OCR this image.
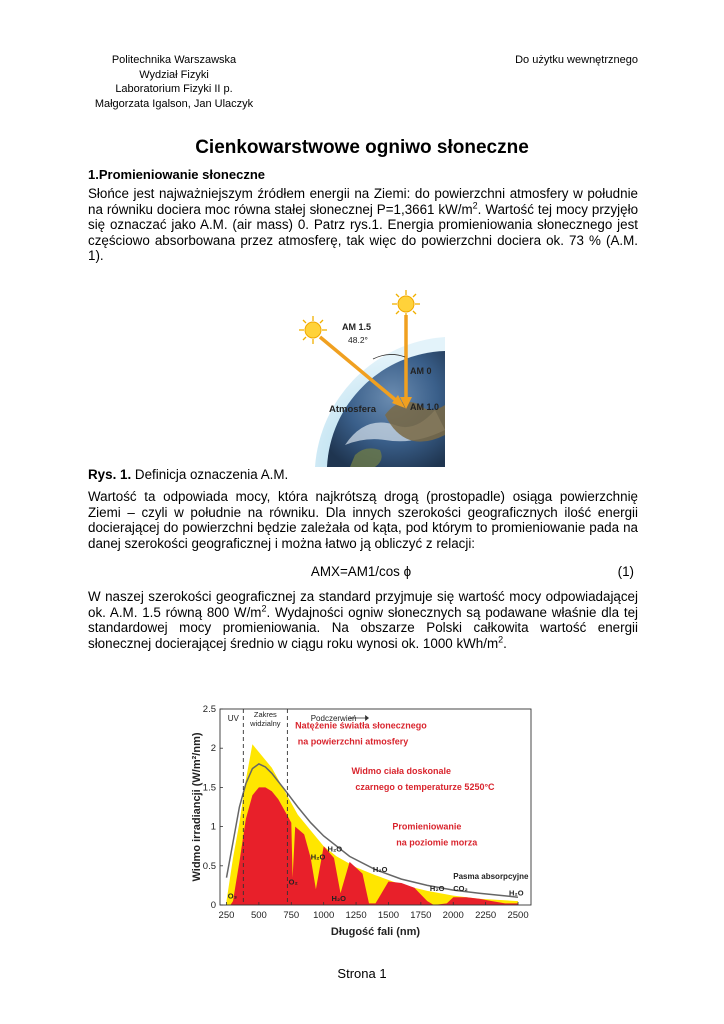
Politechnika Warszawska
Wydział Fizyki
Laboratorium Fizyki II p.
Małgorzata Igalson, Jan Ulaczyk
Do użytku wewnętrznego
Cienkowarstwowe ogniwo słoneczne
1.Promieniowanie słoneczne
Słońce jest najważniejszym źródłem energii na Ziemi: do powierzchni atmosfery w południe na równiku dociera moc równa stałej słonecznej P=1,3661 $kW/m^2$. Wartość tej mocy przyjęło się oznaczać jako A.M. (air mass) 0. Patrz rys.1. Energia promieniowania słonecznego jest częściowo absorbowana przez atmosferę, tak więc do powierzchni dociera ok. 73 % (A.M. 1).
AM 1.5
48.2°
AM 0
AM 1.0
Atmosfera
Rys. 1. Definicja oznaczenia A.M.
Wartość ta odpowiada mocy, która najkrótszą drogą (prostopadle) osiąga powierzchnię Ziemi – czyli w południe na równiku. Dla innych szerokości geograficznych ilość energii docierającej do powierzchni będzie zależała od kąta, pod którym to promieniowanie pada na danej szerokości geograficznej i można łatwo ją obliczyć z relacji:
AMX=AM1/cos ϕ	(1)
W naszej szerokości geograficznej za standard przyjmuje się wartość mocy odpowiadającej ok. A.M. 1.5 równą 800 $W/m^2$. Wydajności ogniw słonecznych są podawane właśnie dla tej standardowej mocy promieniowania. Na obszarze Polski całkowita wartość energii słonecznej docierającej średnio w ciągu roku wynosi ok. 1000 kWh/$m^2$.
250 500 750 1000 1250 1500 1750 2000 2250 2500
0
0.5
1
1.5
2
2.5
Długość fali (nm)
Widmo irradiancji (W/m²/nm)
UV Zakres
widzialny
Podczerwień
Natężenie światła słonecznego
na powierzchni atmosfery
Widmo ciała doskonale
czarnego o temperaturze 5250°C
Promieniowanie
na poziomie morza
Pasma absorpcyjne
H₂O
H₂O
H₂O
H₂O
H₂O
H₂O
CO₂
O₂
O₃
Strona 1
